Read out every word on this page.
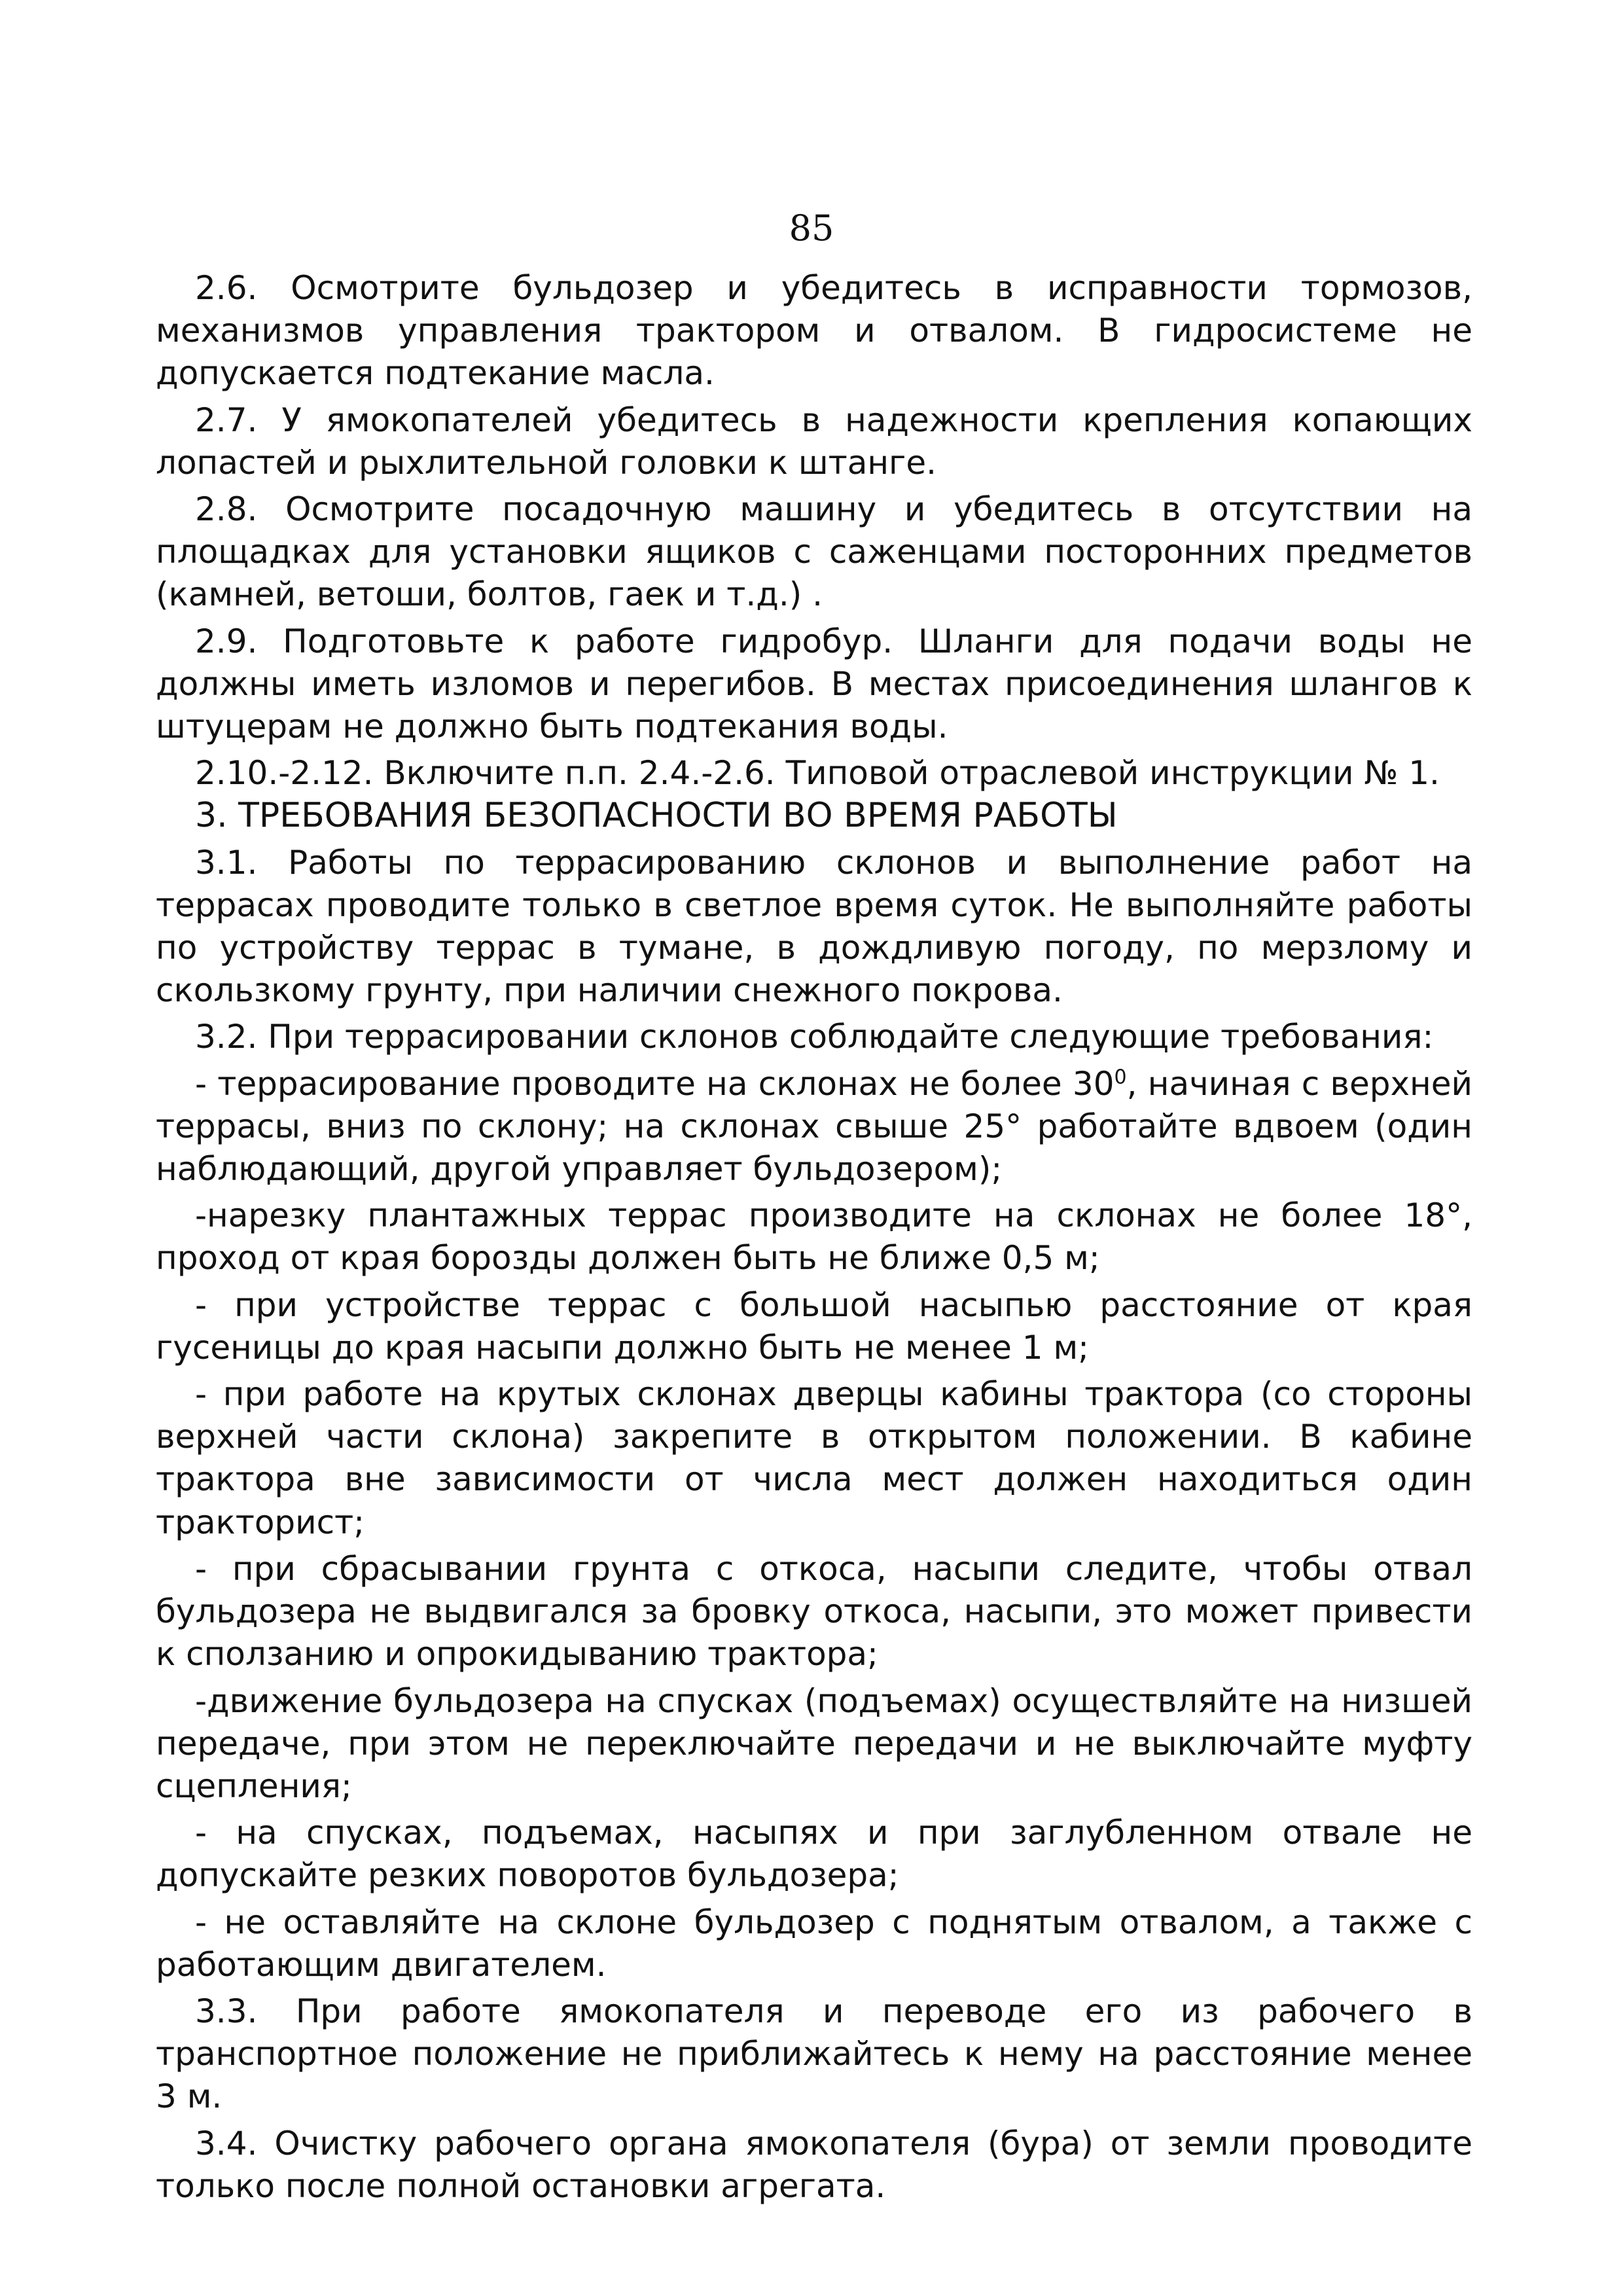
85

2.6. Осмотрите бульдозер и убедитесь в исправности тормозов, механизмов управления трактором и отвалом. В гидросистеме не допускается подтекание масла.

2.7. У ямокопателей убедитесь в надежности крепления копающих лопастей и рыхлительной головки к штанге.

2.8. Осмотрите посадочную машину и убедитесь в отсутствии на площадках для установки ящиков с саженцами посторонних предметов (камней, ветоши, болтов, гаек и т.д.) .

2.9. Подготовьте к работе гидробур. Шланги для подачи воды не должны иметь изломов и перегибов. В местах присоединения шлангов к штуцерам не должно быть подтекания воды.

2.10.-2.12. Включите п.п. 2.4.-2.6. Типовой отраслевой инструкции № 1.

3. ТРЕБОВАНИЯ БЕЗОПАСНОСТИ ВО ВРЕМЯ РАБОТЫ

3.1. Работы по террасированию склонов и выполнение работ на террасах проводите только в светлое время суток. Не выполняйте работы по устройству террас в тумане, в дождливую погоду, по мерзлому и скользкому грунту, при наличии снежного покрова.

3.2. При террасировании склонов соблюдайте следующие требования:

- террасирование проводите на склонах не более $30^0$, начиная с верхней террасы, вниз по склону; на склонах свыше 25° работайте вдвоем (один наблюдающий, другой управляет бульдозером);

-нарезку плантажных террас производите на склонах не более 18°, проход от края борозды должен быть не ближе 0,5 м;

- при устройстве террас с большой насыпью расстояние от края гусеницы до края насыпи должно быть не менее 1 м;

- при работе на крутых склонах дверцы кабины трактора (со стороны верхней части склона) закрепите в открытом положении. В кабине трактора вне зависимости от числа мест должен находиться один тракторист;

- при сбрасывании грунта с откоса, насыпи следите, чтобы отвал бульдозера не выдвигался за бровку откоса, насыпи, это может привести к сползанию и опрокидыванию трактора;

-движение бульдозера на спусках (подъемах) осуществляйте на низшей передаче, при этом не переключайте передачи и не выключайте муфту сцепления;

- на спусках, подъемах, насыпях и при заглубленном отвале не допускайте резких поворотов бульдозера;

- не оставляйте на склоне бульдозер с поднятым отвалом, а также с работающим двигателем.

3.3. При работе ямокопателя и переводе его из рабочего в транспортное положение не приближайтесь к нему на расстояние менее 3 м.

3.4. Очистку рабочего органа ямокопателя (бура) от земли проводите только после полной остановки агрегата.
